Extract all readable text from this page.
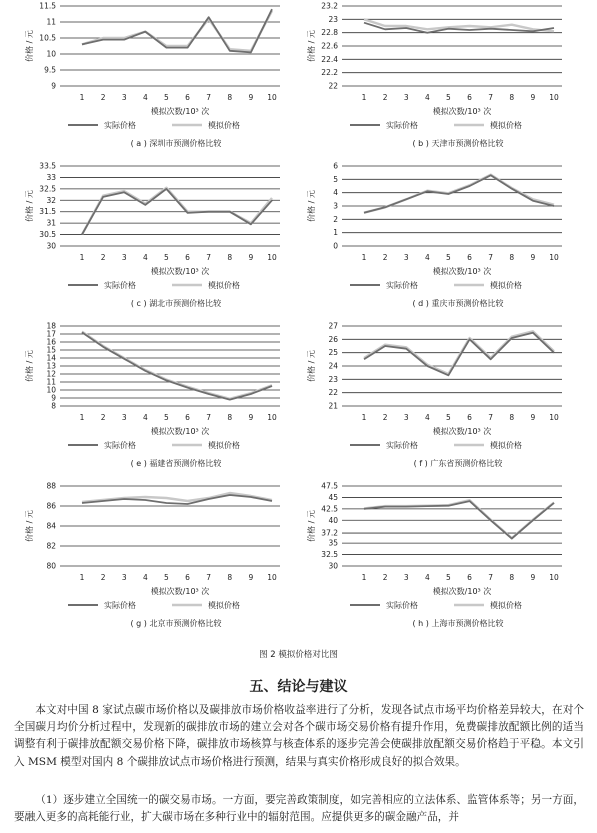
9
9.5
10
10.5
11
11.5
1 2 3 4 5 6 7 8 9 10
价格 / 元
模拟次数/10³ 次
实际价格	模拟价格
( a ) 深圳市预测价格比较
22
22.2
22.4
22.6
22.8
23
23.2
1 2 3 4 5 6 7 8 9 10
价格 / 元
模拟次数/10³ 次
实际价格	模拟价格
( b ) 天津市预测价格比较
30
30.5
31
31.5
32
32.5
33
33.5
1 2 3 4 5 6 7 8 9 10
价格 / 元
模拟次数/10³ 次
实际价格	模拟价格
( c ) 湖北市预测价格比较
0
1
2
3
4
5
6
1 2 3 4 5 6 7 8 9 10
价格 / 元
模拟次数/10³ 次
实际价格	模拟价格
( d ) 重庆市预测价格比较
8
9
10
11
12
13
14
15
16
17
18
1 2 3 4 5 6 7 8 9 10
价格 / 元
模拟次数/10³ 次
实际价格	模拟价格
( e ) 福建省预测价格比较
21
22
23
24
25
26
27
1 2 3 4 5 6 7 8 9 10
价格 / 元
模拟次数/10³ 次
实际价格	模拟价格
( f ) 广东省预测价格比较
80
82
84
86
88
1 2 3 4 5 6 7 8 9 10
价格 / 元
模拟次数/10³ 次
实际价格	模拟价格
( g ) 北京市预测价格比较
30
32.5
35
37.2
40
42.5
45
47.5
1 2 3 4 5 6 7 8 9 10
价格 / 元
模拟次数/10³ 次
实际价格	模拟价格
( h ) 上海市预测价格比较
图 2 模拟价格对比图
五、结论与建议
本文对中国 8 家试点碳市场价格以及碳排放市场价格收益率进行了分析，发现各试点市场平均价格差异较大，在对个全国碳月均价分析过程中，发现新的碳排放市场的建立会对各个碳市场交易价格有提升作用，免费碳排放配额比例的适当调整有利于碳排放配额交易价格下降，碳排放市场核算与核查体系的逐步完善会使碳排放配额交易价格趋于平稳。本文引入 MSM 模型对国内 8 个碳排放试点市场价格进行预测，结果与真实价格形成良好的拟合效果。
（1）逐步建立全国统一的碳交易市场。一方面，要完善政策制度，如完善相应的立法体系、监管体系等；另一方面，要融入更多的高耗能行业，扩大碳市场在多种行业中的辐射范围。应提供更多的碳金融产品，并
